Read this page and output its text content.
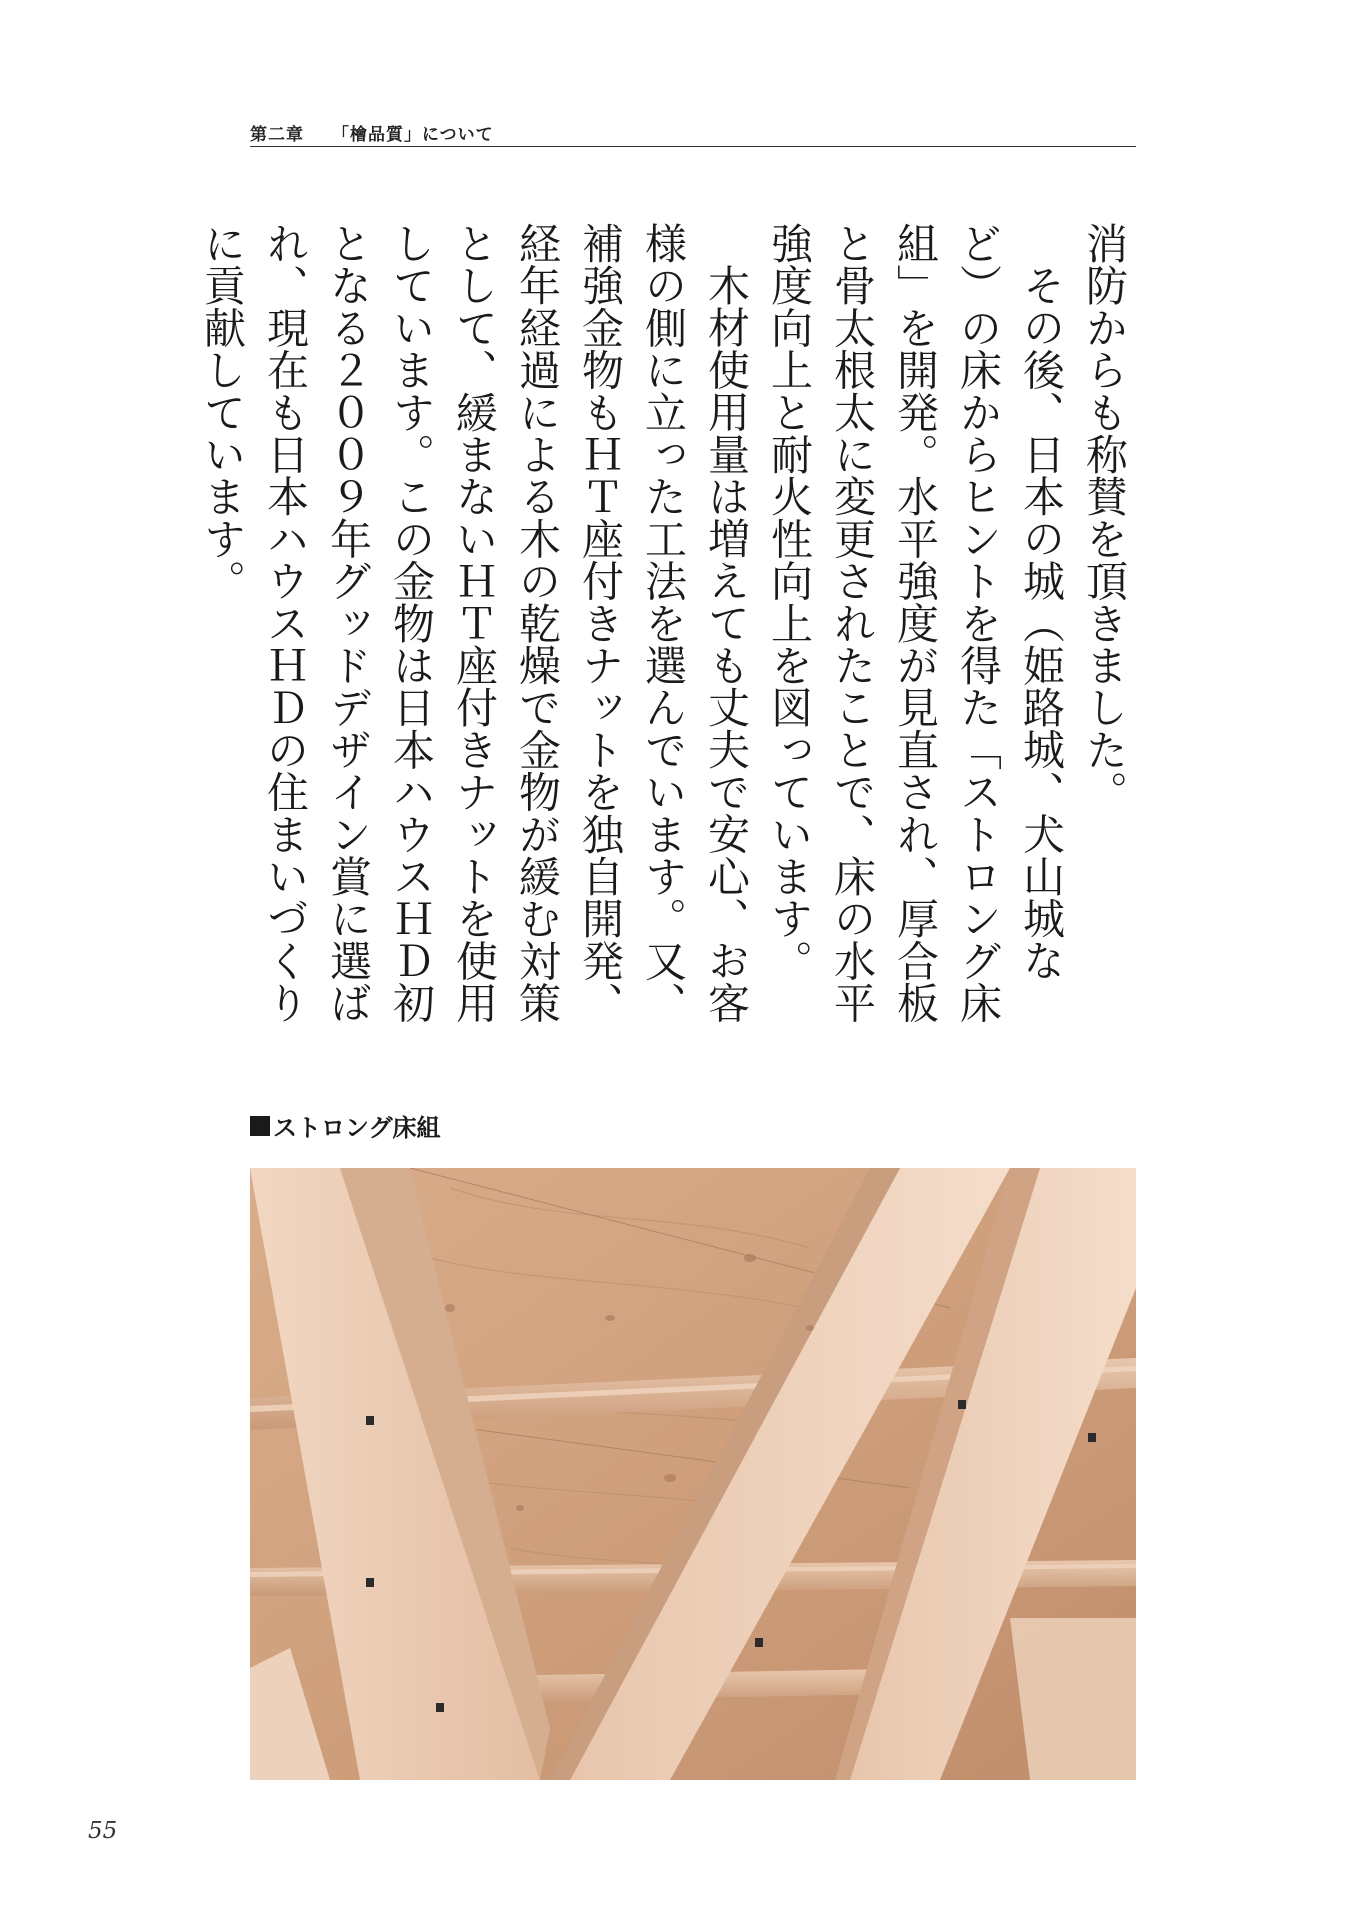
第二章 「檜品質」について

消防からも称賛を頂きました。

その後、日本の城（姫路城、犬山城など）の床からヒントを得た「ストロング床組」を開発。水平強度が見直され、厚合板と骨太根太に変更されたことで、床の水平強度向上と耐火性向上を図っています。

木材使用量は増えても丈夫で安心、お客様の側に立った工法を選んでいます。又、補強金物もＨＴ座付きナットを独自開発、経年経過による木の乾燥で金物が緩む対策として、緩まないＨＴ座付きナットを使用しています。この金物は日本ハウスＨＤ初となる２００９年グッドデザイン賞に選ばれ、現在も日本ハウスＨＤの住まいづくりに貢献しています。

ストロング床組
55
